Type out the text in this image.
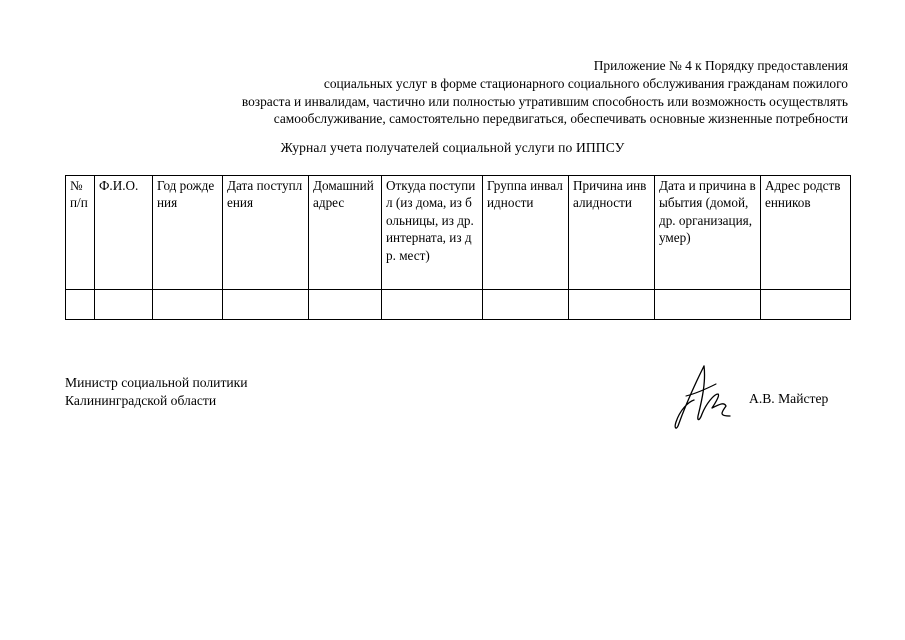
Приложение № 4 к Порядку предоставления
социальных услуг в форме стационарного социального обслуживания гражданам пожилого
возраста и инвалидам, частично или полностью утратившим способность или возможность осуществлять
самообслуживание, самостоятельно передвигаться, обеспечивать основные жизненные потребности
Журнал учета получателей социальной услуги по ИППСУ
№ п/п	Ф.И.О.	Год рождения	Дата поступления	Домашний адрес	Откуда поступил (из дома, из больницы, из др. интерната, из др. мест)	Группа инвалидности	Причина инвалидности	Дата и причина выбытия (домой, др. организация, умер)	Адрес родственников

Министр социальной политики
Калининградской области	А.В. Майстер
